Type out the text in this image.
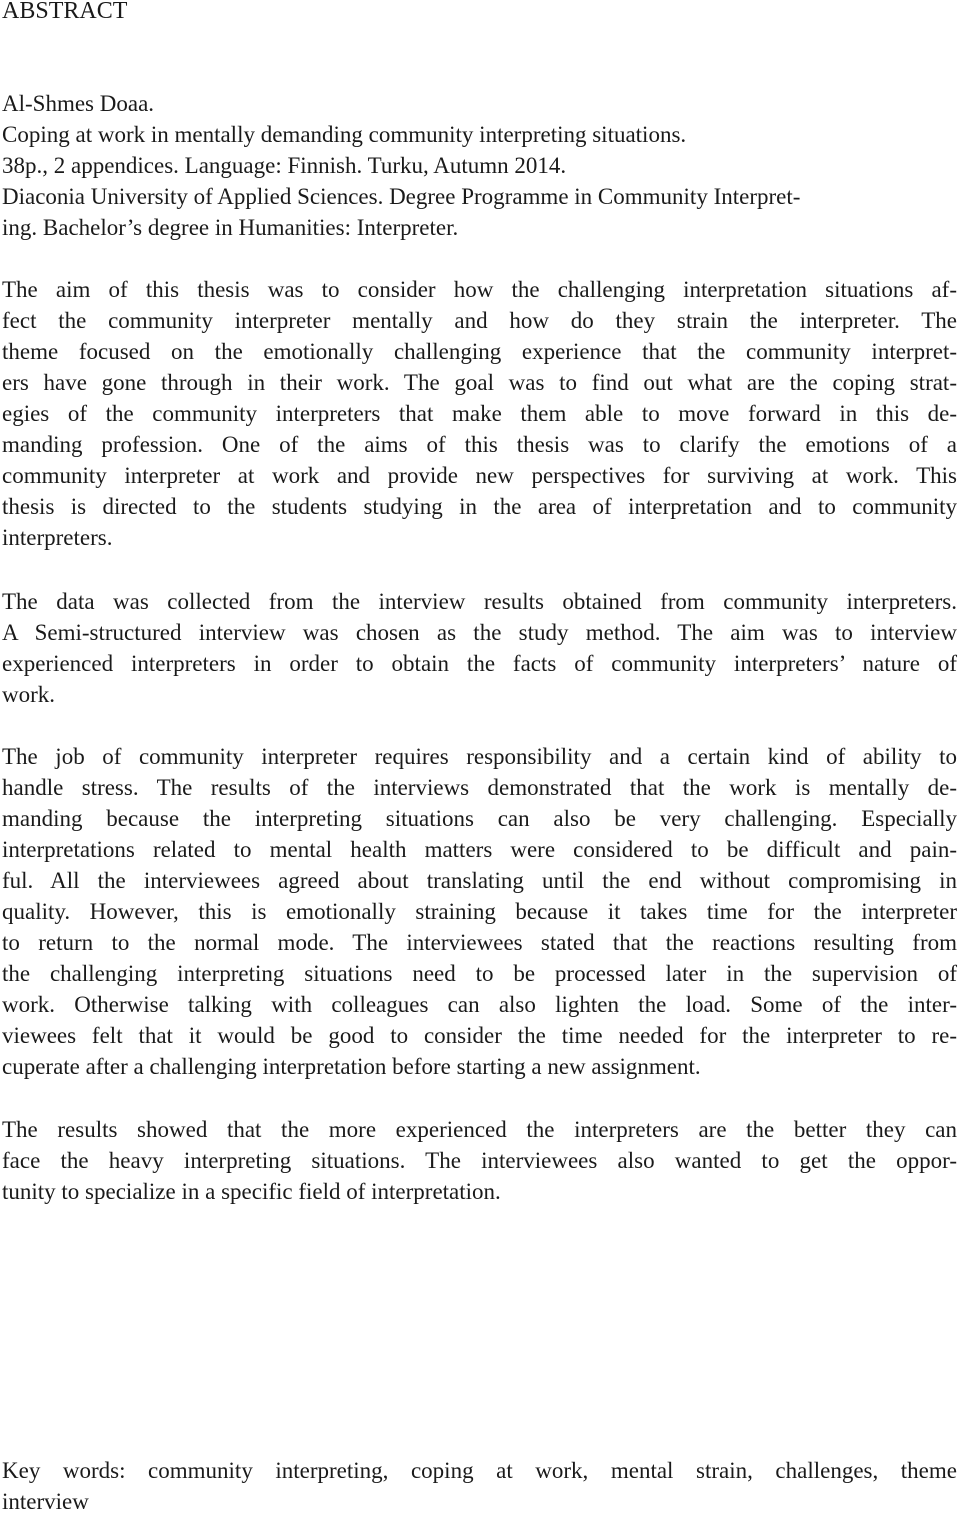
ABSTRACT
Al-Shmes Doaa.
Coping at work in mentally demanding community interpreting situations.
38p., 2 appendices. Language: Finnish. Turku, Autumn 2014.
Diaconia University of Applied Sciences. Degree Programme in Community Interpret-
ing. Bachelor’s degree in Humanities: Interpreter.
The aim of this thesis was to consider how the challenging interpretation situations af-
fect the community interpreter mentally and how do they strain the interpreter. The
theme focused on the emotionally challenging experience that the community interpret-
ers have gone through in their work. The goal was to find out what are the coping strat-
egies of the community interpreters that make them able to move forward in this de-
manding profession. One of the aims of this thesis was to clarify the emotions of a
community interpreter at work and provide new perspectives for surviving at work. This
thesis is directed to the students studying in the area of interpretation and to community
interpreters.
The data was collected from the interview results obtained from community interpreters.
A Semi-structured interview was chosen as the study method. The aim was to interview
experienced interpreters in order to obtain the facts of community interpreters’ nature of
work.
The job of community interpreter requires responsibility and a certain kind of ability to
handle stress. The results of the interviews demonstrated that the work is mentally de-
manding because the interpreting situations can also be very challenging. Especially
interpretations related to mental health matters were considered to be difficult and pain-
ful. All the interviewees agreed about translating until the end without compromising in
quality. However, this is emotionally straining because it takes time for the interpreter
to return to the normal mode. The interviewees stated that the reactions resulting from
the challenging interpreting situations need to be processed later in the supervision of
work. Otherwise talking with colleagues can also lighten the load. Some of the inter-
viewees felt that it would be good to consider the time needed for the interpreter to re-
cuperate after a challenging interpretation before starting a new assignment.
The results showed that the more experienced the interpreters are the better they can
face the heavy interpreting situations. The interviewees also wanted to get the oppor-
tunity to specialize in a specific field of interpretation.
Key words: community interpreting, coping at work, mental strain, challenges, theme
interview
